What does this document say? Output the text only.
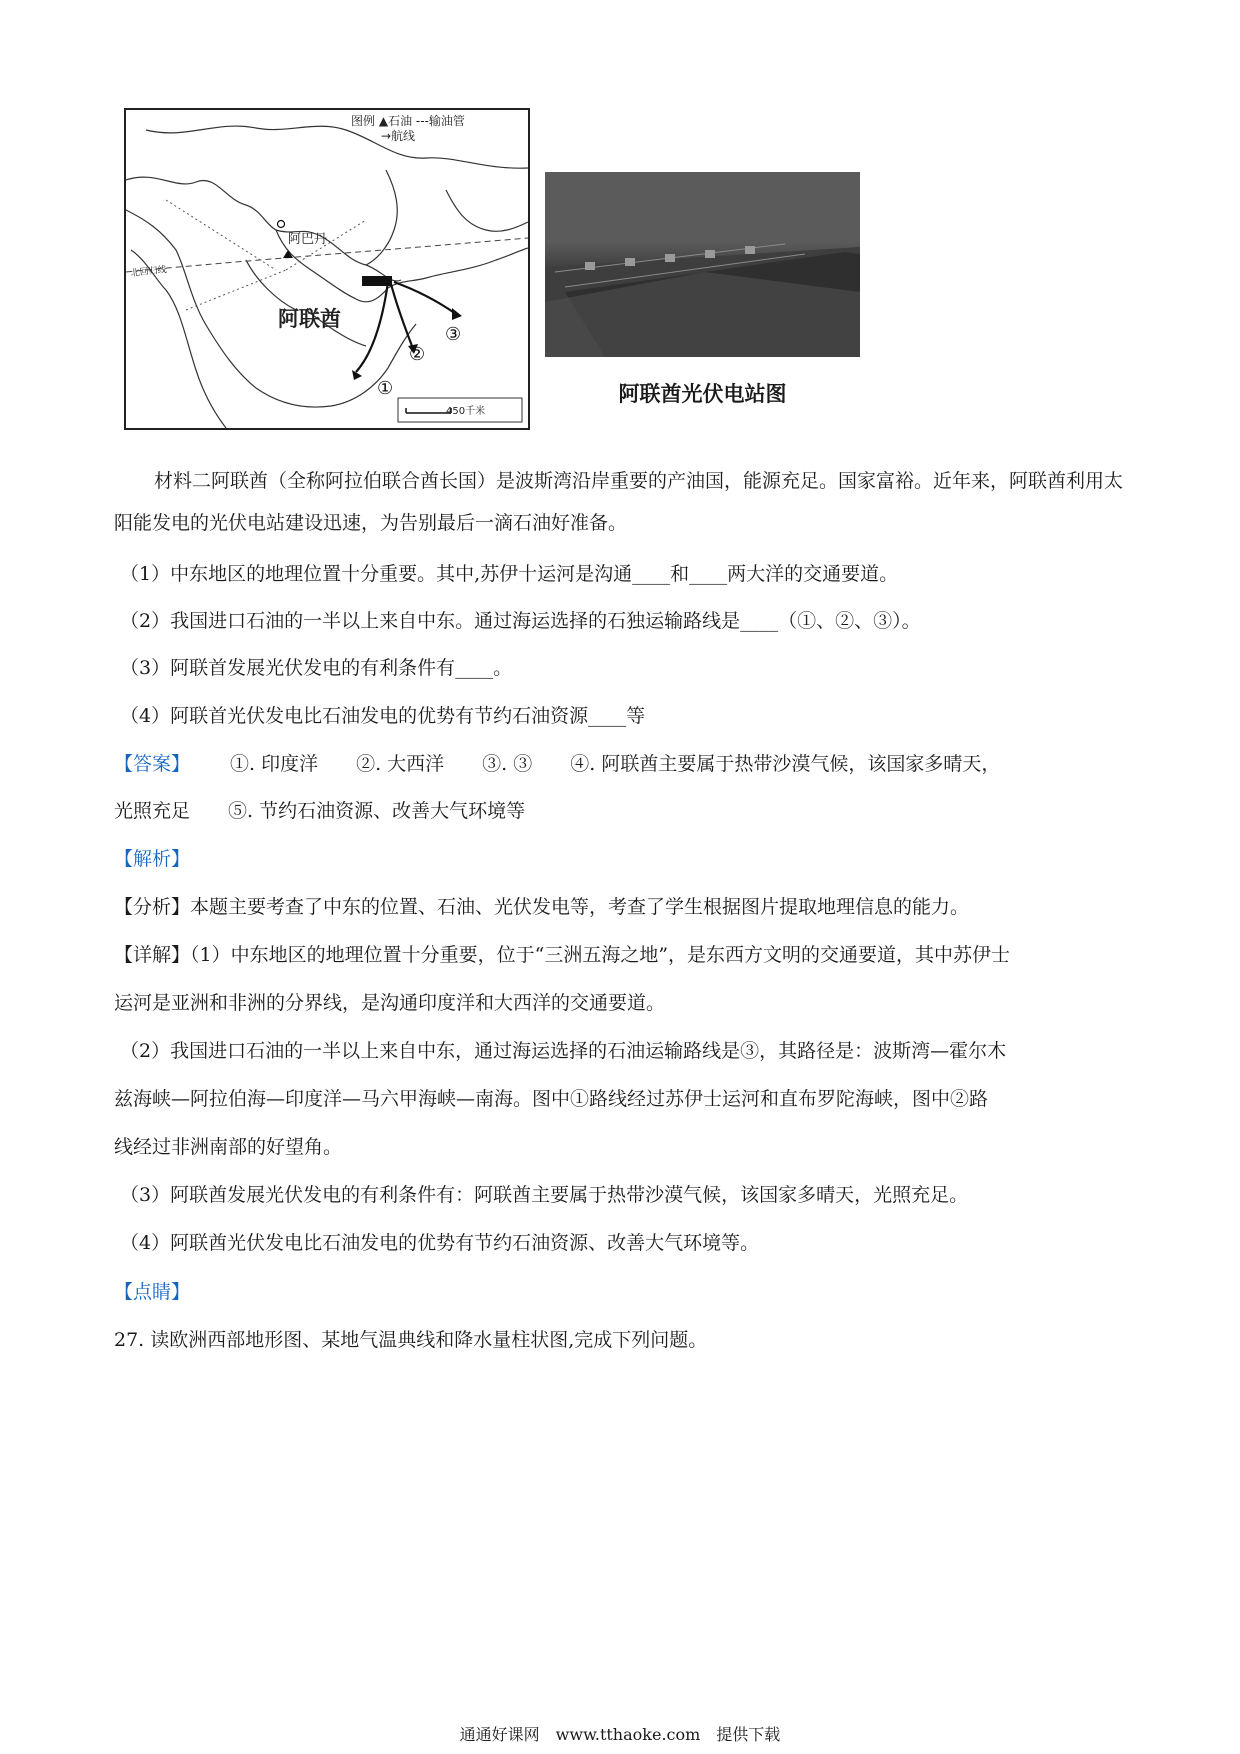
图例 ▲石油 ---输油管
→航线
阿巴丹
阿联酋
北回归线
450千米
①
②
③
阿联酋光伏电站图
材料二阿联酋（全称阿拉伯联合酋长国）是波斯湾沿岸重要的产油国，能源充足。国家富裕。近年来，阿联酋利用太阳能发电的光伏电站建设迅速，为告别最后一滴石油好准备。
（1）中东地区的地理位置十分重要。其中,苏伊十运河是沟通____和____两大洋的交通要道。
（2）我国进口石油的一半以上来自中东。通过海运选择的石独运输路线是____（①、②、③）。
（3）阿联首发展光伏发电的有利条件有____。
（4）阿联首光伏发电比石油发电的优势有节约石油资源____等
【答案】 ①. 印度洋　　②. 大西洋　　③. ③　　④. 阿联酋主要属于热带沙漠气候，该国家多晴天，
光照充足　　⑤. 节约石油资源、改善大气环境等
【解析】
【分析】本题主要考查了中东的位置、石油、光伏发电等，考查了学生根据图片提取地理信息的能力。
【详解】（1）中东地区的地理位置十分重要，位于“三洲五海之地”，是东西方文明的交通要道，其中苏伊士
运河是亚洲和非洲的分界线，是沟通印度洋和大西洋的交通要道。
（2）我国进口石油的一半以上来自中东，通过海运选择的石油运输路线是③，其路径是：波斯湾—霍尔木
兹海峡—阿拉伯海—印度洋—马六甲海峡—南海。图中①路线经过苏伊士运河和直布罗陀海峡，图中②路
线经过非洲南部的好望角。
（3）阿联酋发展光伏发电的有利条件有：阿联酋主要属于热带沙漠气候，该国家多晴天，光照充足。
（4）阿联酋光伏发电比石油发电的优势有节约石油资源、改善大气环境等。
【点睛】
27. 读欧洲西部地形图、某地气温典线和降水量柱状图,完成下列问题。
通通好课网　www.tthaoke.com　提供下载
